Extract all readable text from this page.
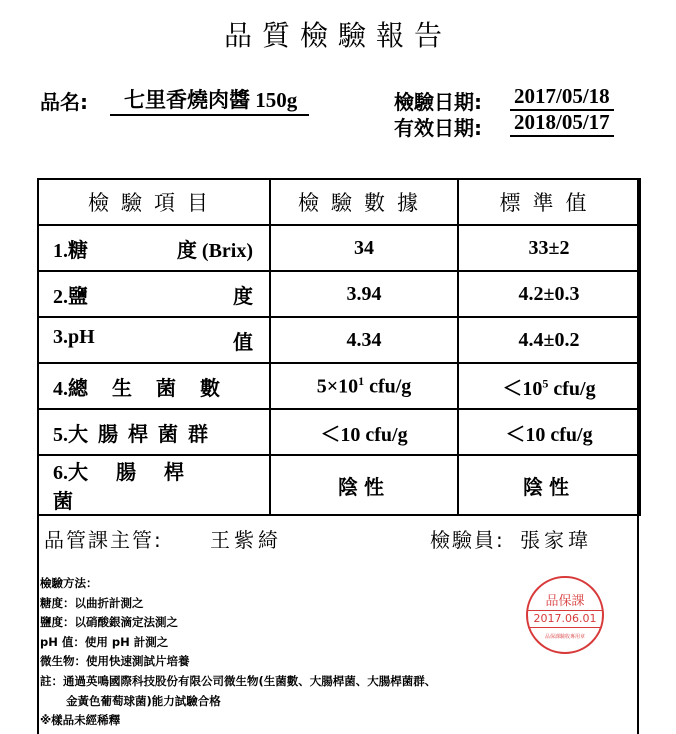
品質檢驗報告
品名:	七里香燒肉醬 150g	檢驗日期: 2017/05/18
有效日期: 2018/05/17
檢驗項目	檢驗數據	標準值

1.糖 度 (Brix)	34	33±2

2.鹽 度	3.94	4.2±0.3

3.pH 值	4.34	4.4±0.2

4.總生菌數	$5\times 10^1$ cfu/g	$<10^5$ cfu/g

5.大腸桿菌群	＜10 cfu/g	＜10 cfu/g

6.大腸桿菌	陰性	陰性
品管課主管: 王紫綺	檢驗員: 張家瑋
檢驗方法：
糖度：以曲折計測之
鹽度：以硝酸銀滴定法測之
pH 值：使用 pH 計測之
微生物：使用快速測試片培養
註：通過英鳴國際科技股份有限公司微生物(生菌數、大腸桿菌、大腸桿菌群、
金黃色葡萄球菌)能力試驗合格
※樣品未經稀釋
品保課
2017.06.01
品保課驗收專用章
